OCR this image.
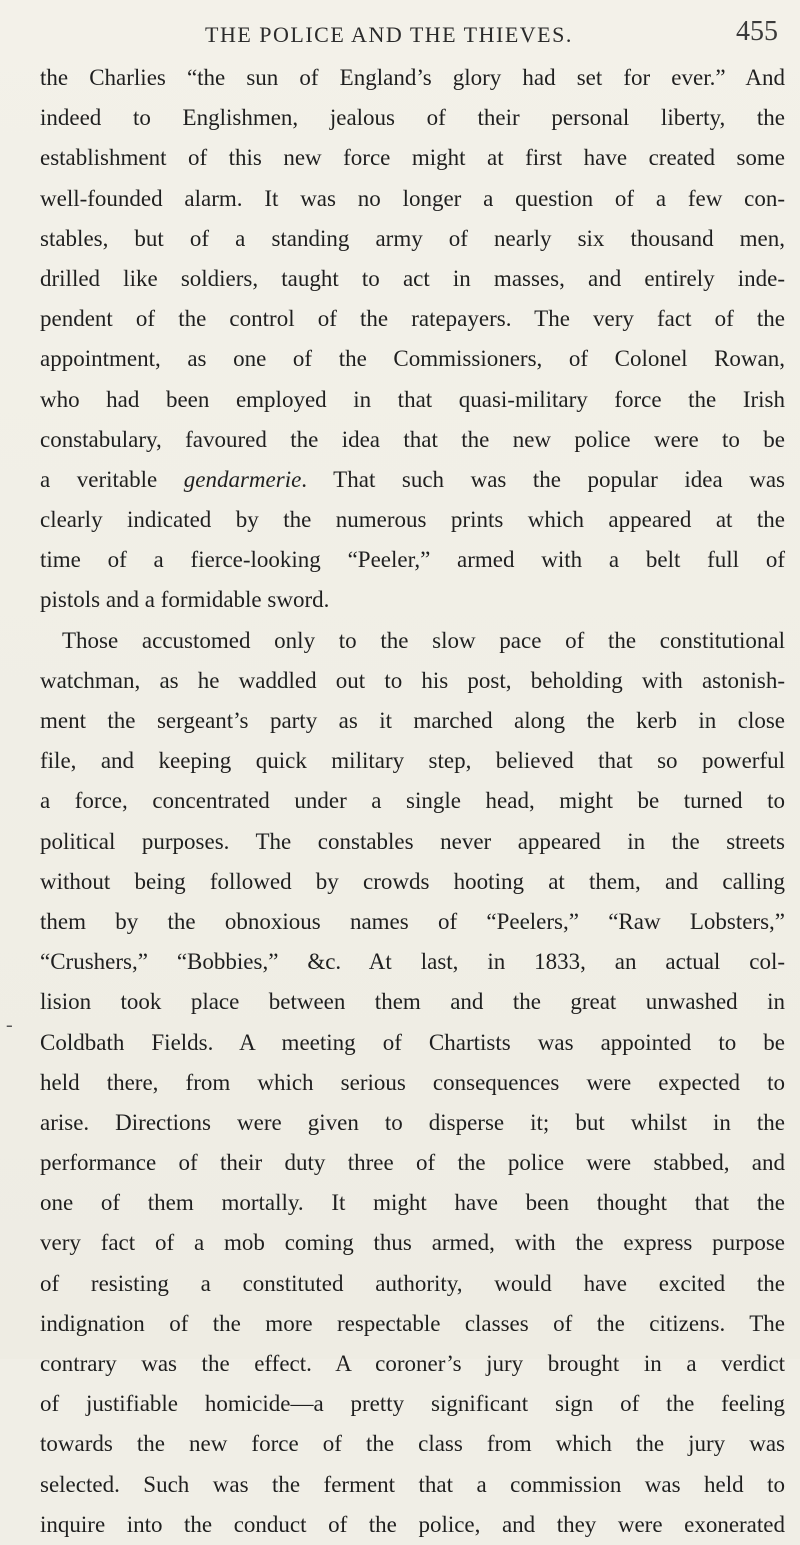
THE POLICE AND THE THIEVES.	455
the Charlies “the sun of England’s glory had set for ever.” And
indeed to Englishmen, jealous of their personal liberty, the
establishment of this new force might at first have created some
well-founded alarm. It was no longer a question of a few con-
stables, but of a standing army of nearly six thousand men,
drilled like soldiers, taught to act in masses, and entirely inde-
pendent of the control of the ratepayers. The very fact of the
appointment, as one of the Commissioners, of Colonel Rowan,
who had been employed in that quasi-military force the Irish
constabulary, favoured the idea that the new police were to be
a veritable gendarmerie. That such was the popular idea was
clearly indicated by the numerous prints which appeared at the
time of a fierce-looking “Peeler,” armed with a belt full of
pistols and a formidable sword.
Those accustomed only to the slow pace of the constitutional
watchman, as he waddled out to his post, beholding with astonish-
ment the sergeant’s party as it marched along the kerb in close
file, and keeping quick military step, believed that so powerful
a force, concentrated under a single head, might be turned to
political purposes. The constables never appeared in the streets
without being followed by crowds hooting at them, and calling
them by the obnoxious names of “Peelers,” “Raw Lobsters,”
“Crushers,” “Bobbies,” &c. At last, in 1833, an actual col-
lision took place between them and the great unwashed in
Coldbath Fields. A meeting of Chartists was appointed to be
held there, from which serious consequences were expected to
arise. Directions were given to disperse it; but whilst in the
performance of their duty three of the police were stabbed, and
one of them mortally. It might have been thought that the
very fact of a mob coming thus armed, with the express purpose
of resisting a constituted authority, would have excited the
indignation of the more respectable classes of the citizens. The
contrary was the effect. A coroner’s jury brought in a verdict
of justifiable homicide—a pretty significant sign of the feeling
towards the new force of the class from which the jury was
selected. Such was the ferment that a commission was held to
inquire into the conduct of the police, and they were exonerated
-
